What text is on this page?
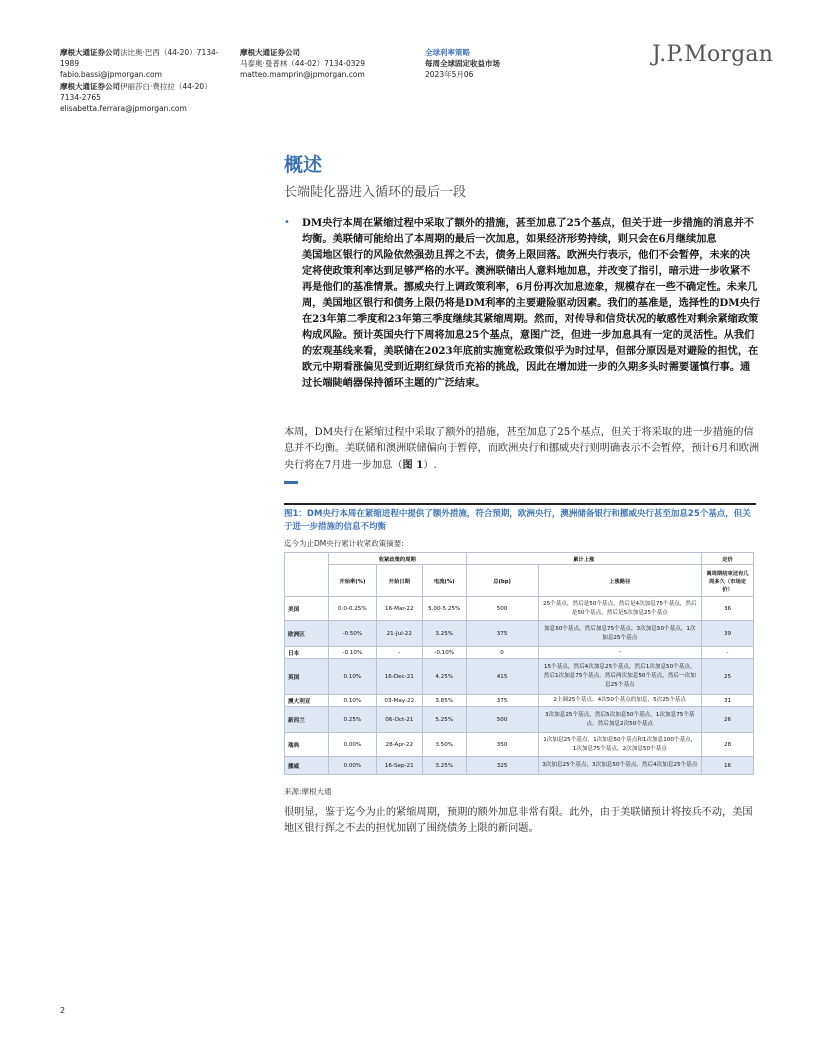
摩根大通证券公司法比奥·巴西（44-20）7134-1989
fabio.bassi@jpmorgan.com
摩根大通证券公司伊丽莎白·费拉拉（44-20）7134-2765
elisabetta.ferrara@jpmorgan.com
摩根大通证券公司
马泰奥·曼普林（44-02）7134-0329
matteo.mamprin@jpmorgan.com
全球利率策略
每周全球固定收益市场
2023年5月06
J.P.Morgan
概述
长端陡化器进入循环的最后一段
• DM央行本周在紧缩过程中采取了额外的措施，甚至加息了25个基点，但关于进一步措施的消息并不均衡。美联储可能给出了本周期的最后一次加息，如果经济形势持续，则只会在6月继续加息
美国地区银行的风险依然强劲且挥之不去，债务上限回落。欧洲央行表示，他们不会暂停，未来的决定将使政策利率达到足够严格的水平。澳洲联储出人意料地加息，并改变了指引，暗示进一步收紧不再是他们的基准情景。挪威央行上调政策利率，6月份再次加息迹象，规模存在一些不确定性。未来几周，美国地区银行和债务上限仍将是DM利率的主要避险驱动因素。我们的基准是，选择性的DM央行在23年第二季度和23年第三季度继续其紧缩周期。然而，对传导和信贷状况的敏感性对剩余紧缩政策构成风险。预计英国央行下周将加息25个基点，意图广泛，但进一步加息具有一定的灵活性。从我们的宏观基线来看，美联储在2023年底前实施宽松政策似乎为时过早，但部分原因是对避险的担忧，在欧元中期看涨偏见受到近期红绿货币充裕的挑战，因此在增加进一步的久期多头时需要谨慎行事。通过长端陡峭器保持循环主题的广泛结束。
本周，DM央行在紧缩过程中采取了额外的措施，甚至加息了25个基点，但关于将采取的进一步措施的信息并不均衡。美联储和澳洲联储偏向于暂停，而欧洲央行和挪威央行则明确表示不会暂停，预计6月和欧洲央行将在7月进一步加息（图 1）.
图1：DM央行本周在紧缩进程中提供了额外措施，符合预期，欧洲央行，澳洲储备银行和挪威央行甚至加息25个基点，但关于进一步措施的信息不均衡
迄今为止DM央行累计收紧政策摘要:
	收紧政策的周期			累计上涨		定价
	开始率(%)	开始日期	电流(%)	总(bp)	上涨路径	离周期结束还有几周多久（市场定价）
美国	0.0-0.25%	16-Mar-22	5.00-5.25%	500	25个基点，然后是50个基点，然后是4次加息75个基点，然后是50个基点，然后是5次加息25个基点	36
欧洲区	-0.50%	21-Jul-22	3.25%	375	加息50个基点，然后加息75个基点，3次加息50个基点，1次加息25个基点	39
日本	-0.10%	-	-0.10%	0	-	-
英国	0.10%	16-Dec-21	4.25%	415	15个基点，然后4次加息25个基点，然后1次加息50个基点，然后1次加息75个基点，然后两次加息50个基点，然后一次加息25个基点	25
澳大利亚	0.10%	03-May-22	3.85%	375	2上调25个基点，4次50个基点的加息，5次25个基点	31
新西兰	0.25%	06-Oct-21	5.25%	500	3次加息25个基点，然后5次加息50个基点，1次加息75个基点，然后加息2次50个基点	26
瑞典	0.00%	28-Apr-22	3.50%	350	1次加息25个基点，1次加息50个基点和1次加息100个基点，1次加息75个基点，2次加息50个基点	28
挪威	0.00%	16-Sep-21	3.25%	325	3次加息25个基点，3次加息50个基点，然后4次加息25个基点	16
来源:摩根大通
很明显，鉴于迄今为止的紧缩周期，预期的额外加息非常有限。此外，由于美联储预计将按兵不动，美国地区银行挥之不去的担忧加剧了围绕债务上限的新问题。
2
